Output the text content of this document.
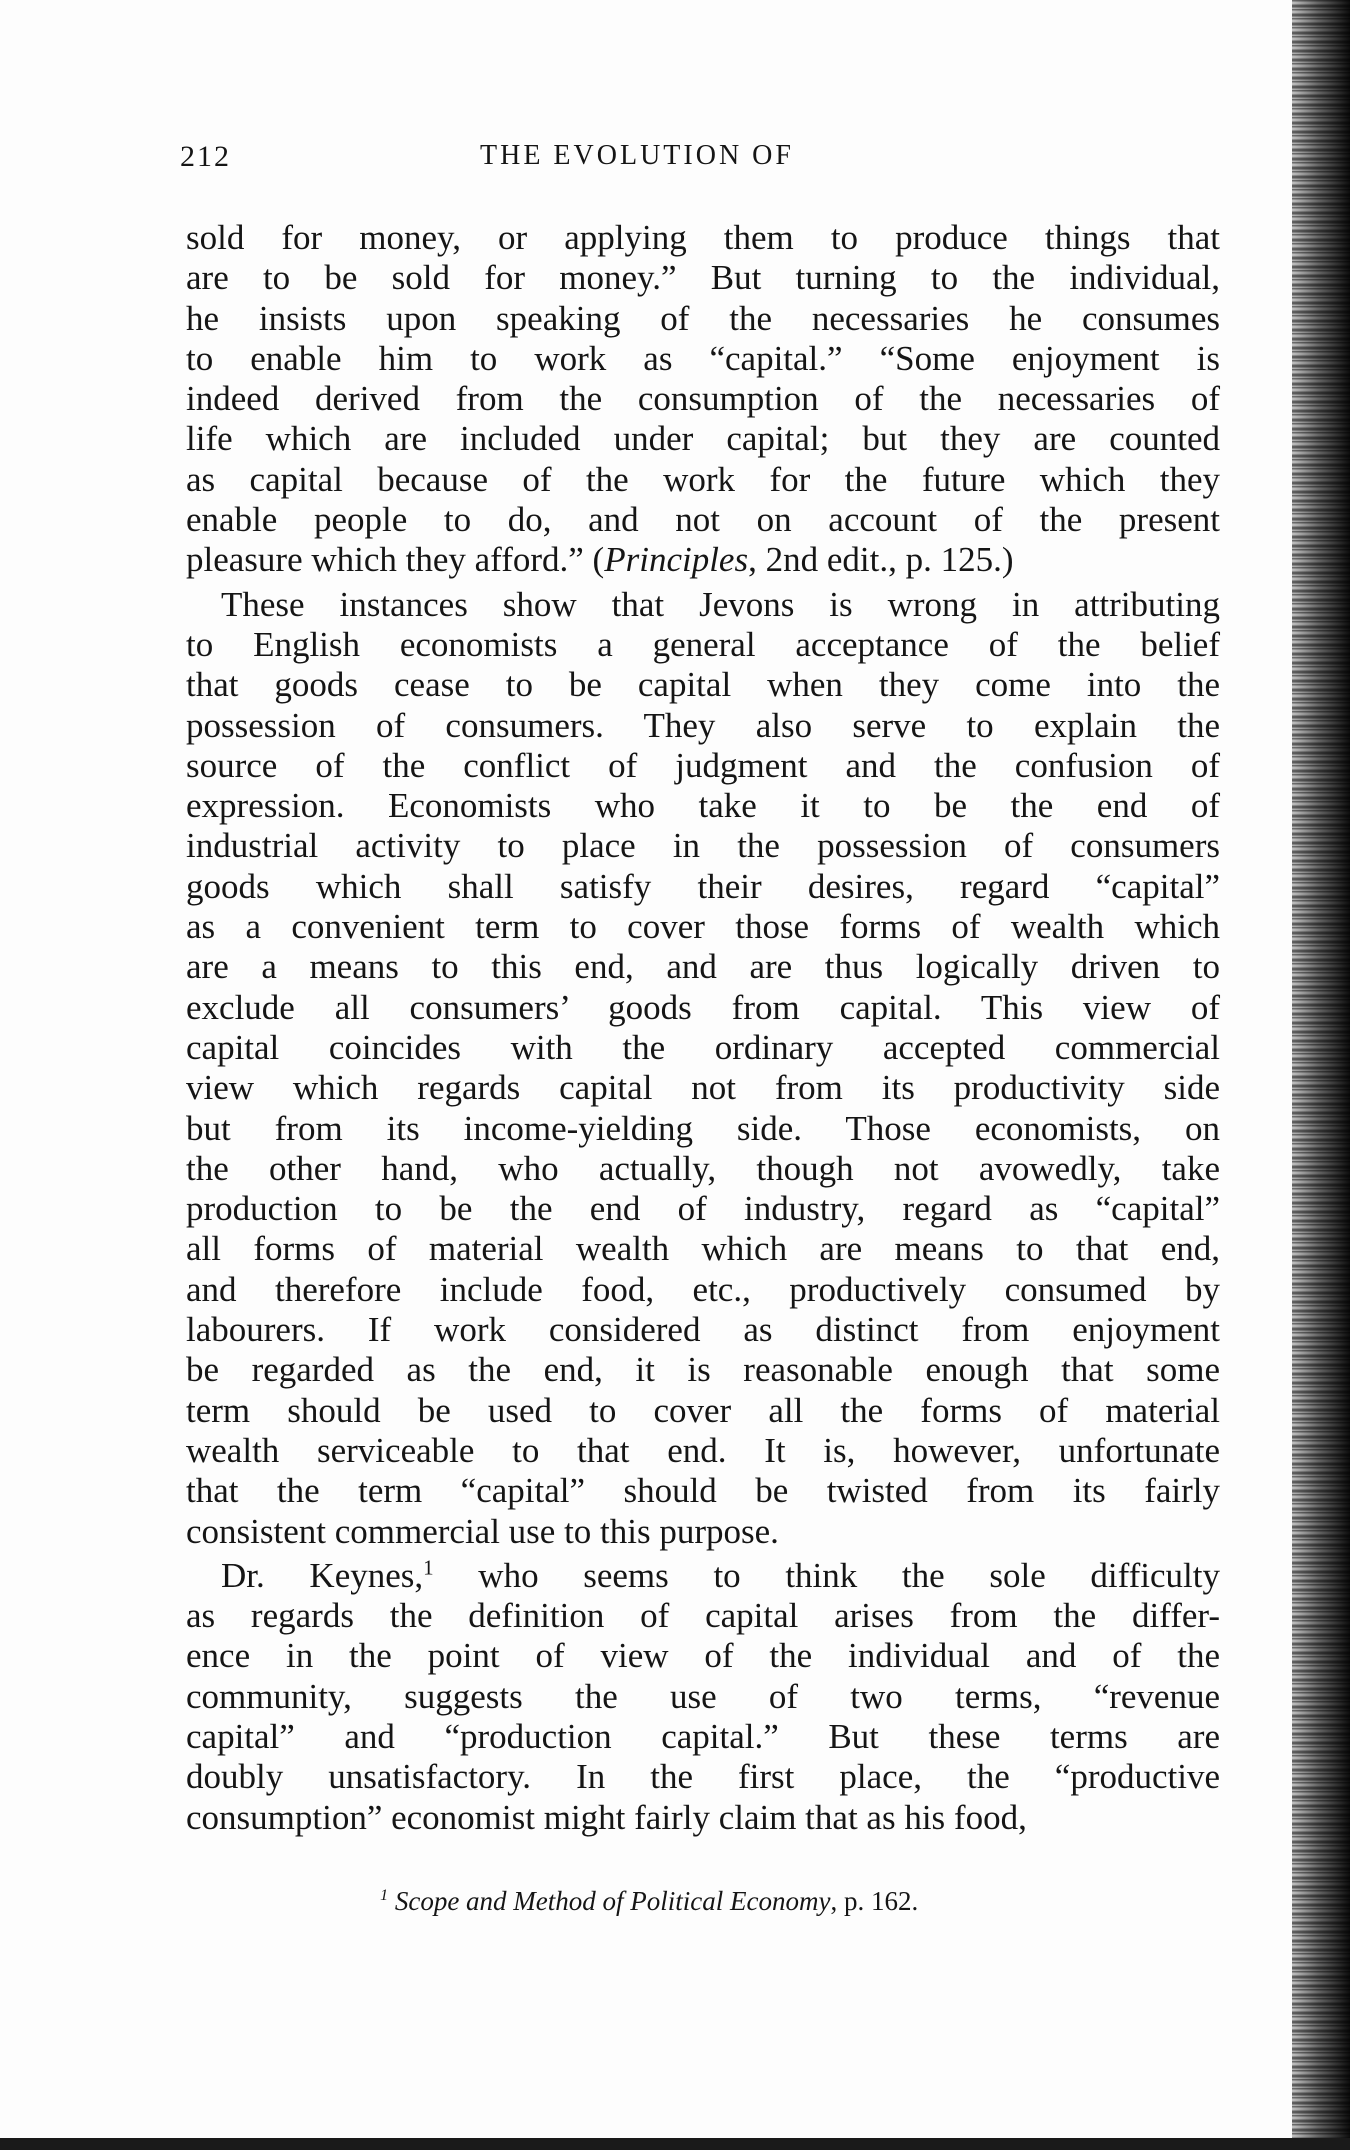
212	THE EVOLUTION OF
sold for money, or applying them to produce things that
are to be sold for money.” But turning to the individual,
he insists upon speaking of the necessaries he consumes
to enable him to work as “capital.” “Some enjoyment is
indeed derived from the consumption of the necessaries of
life which are included under capital; but they are counted
as capital because of the work for the future which they
enable people to do, and not on account of the present
pleasure which they afford.” (Principles, 2nd edit., p. 125.)
 These instances show that Jevons is wrong in attributing
to English economists a general acceptance of the belief
that goods cease to be capital when they come into the
possession of consumers. They also serve to explain the
source of the conflict of judgment and the confusion of
expression. Economists who take it to be the end of
industrial activity to place in the possession of consumers
goods which shall satisfy their desires, regard “capital”
as a convenient term to cover those forms of wealth which
are a means to this end, and are thus logically driven to
exclude all consumers’ goods from capital. This view of
capital coincides with the ordinary accepted commercial
view which regards capital not from its productivity side
but from its income-yielding side. Those economists, on
the other hand, who actually, though not avowedly, take
production to be the end of industry, regard as “capital”
all forms of material wealth which are means to that end,
and therefore include food, etc., productively consumed by
labourers. If work considered as distinct from enjoyment
be regarded as the end, it is reasonable enough that some
term should be used to cover all the forms of material
wealth serviceable to that end. It is, however, unfortunate
that the term “capital” should be twisted from its fairly
consistent commercial use to this purpose.
 Dr. Keynes,$^1$ who seems to think the sole difficulty
as regards the definition of capital arises from the differ-
ence in the point of view of the individual and of the
community, suggests the use of two terms, “revenue
capital” and “production capital.” But these terms are
doubly unsatisfactory. In the first place, the “productive
consumption” economist might fairly claim that as his food,
$^1$ Scope and Method of Political Economy, p. 162.
